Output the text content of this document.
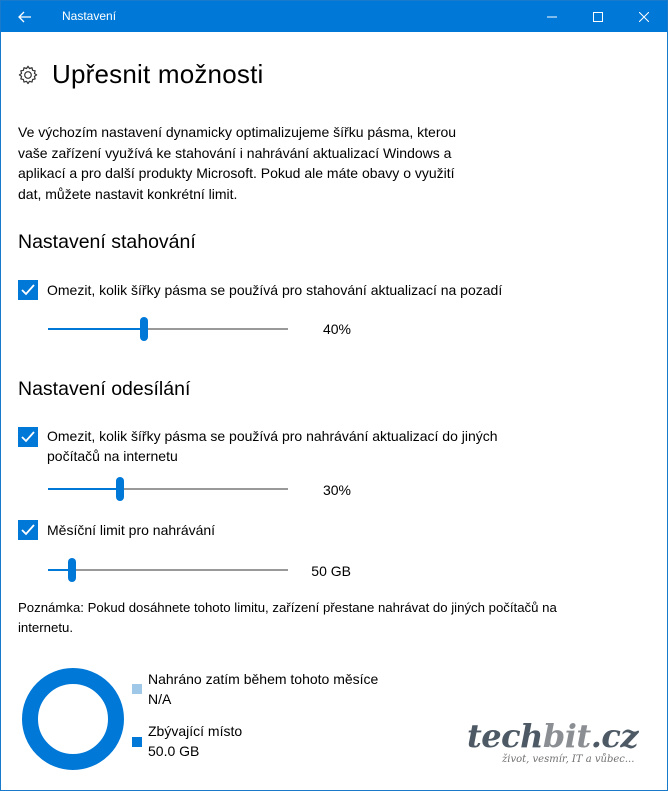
Nastavení
Upřesnit možnosti

Ve výchozím nastavení dynamicky optimalizujeme šířku pásma, kterou vaše zařízení využívá ke stahování i nahrávání aktualizací Windows a aplikací a pro další produkty Microsoft. Pokud ale máte obavy o využití dat, můžete nastavit konkrétní limit.

Nastavení stahování
Omezit, kolik šířky pásma se používá pro stahování aktualizací na pozadí
40%
Nastavení odesílání
Omezit, kolik šířky pásma se používá pro nahrávání aktualizací do jiných počítačů na internetu
30%
Měsíční limit pro nahrávání
50 GB

Poznámka: Pokud dosáhnete tohoto limitu, zařízení přestane nahrávat do jiných počítačů na internetu.

Nahráno zatím během tohoto měsíce
N/A
Zbývající místo
50.0 GB	techbit.cz
život, vesmír, IT a vůbec...
